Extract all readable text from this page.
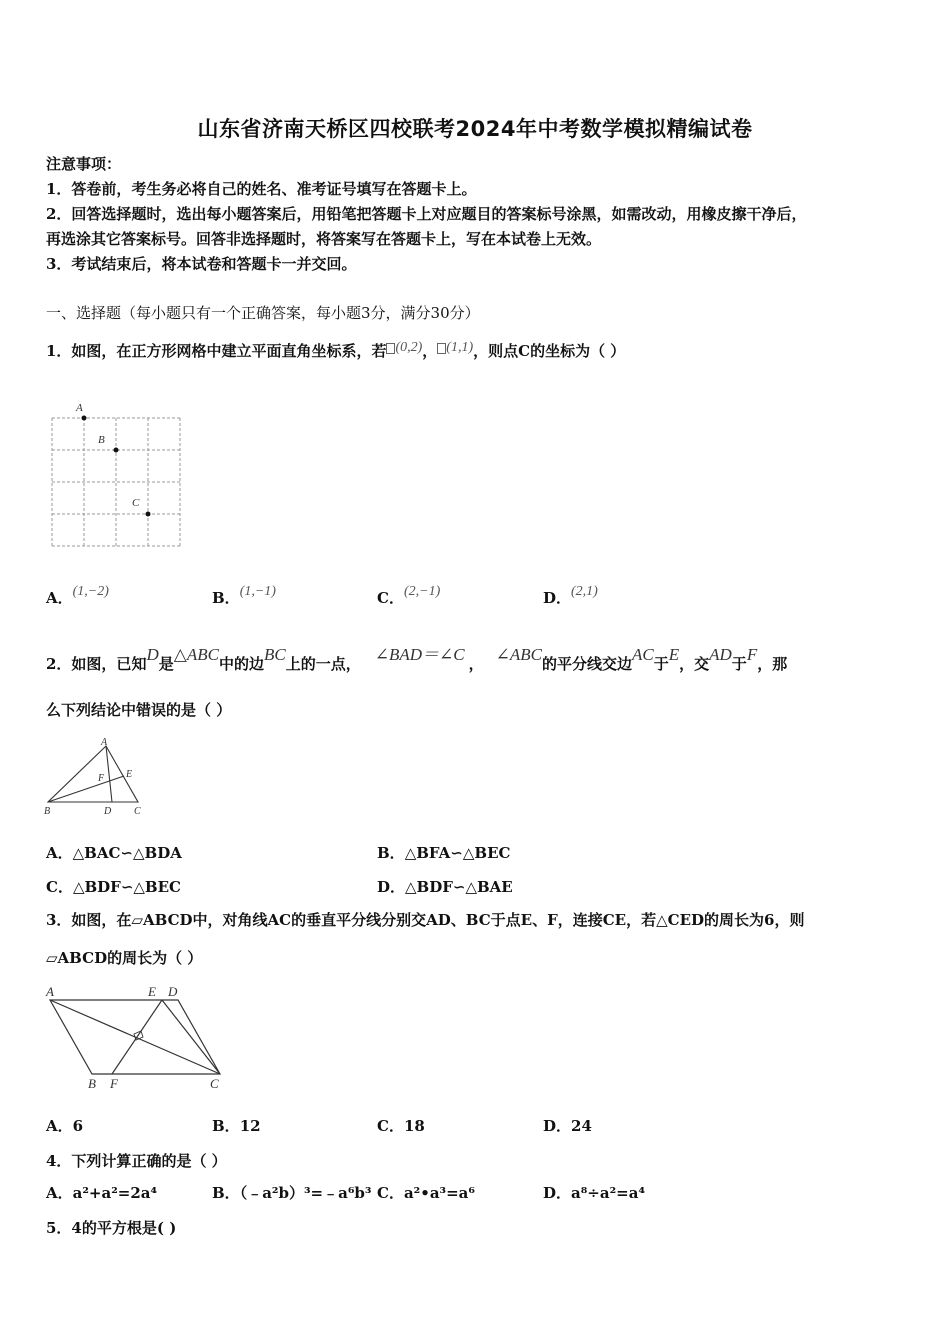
山东省济南天桥区四校联考2024年中考数学模拟精编试卷
注意事项：
1．答卷前，考生务必将自己的姓名、准考证号填写在答题卡上。
2．回答选择题时，选出每小题答案后，用铅笔把答题卡上对应题目的答案标号涂黑，如需改动，用橡皮擦干净后，
再选涂其它答案标号。回答非选择题时，将答案写在答题卡上，写在本试卷上无效。
3．考试结束后，将本试卷和答题卡一并交回。
一、选择题（每小题只有一个正确答案，每小题3分，满分30分）
1．如图，在正方形网格中建立平面直角坐标系，若 (0,2)， (1,1)，则点C的坐标为（ ）
A
B
C
A．(1,−2)	B．(1,−1)	C．(2,−1)	D．(2,1)
2．如图，已知D是△ABC中的边BC上的一点， ∠BAD＝∠C ， ∠ABC的平分线交边AC于E，交AD于F，那
么下列结论中错误的是（ ）
A
B	C
D
E
F
A．△BAC∽△BDA	B．△BFA∽△BEC
C．△BDF∽△BEC	D．△BDF∽△BAE
3．如图，在▱ABCD中，对角线AC的垂直平分线分别交AD、BC于点E、F，连接CE，若△CED的周长为6，则
▱ABCD的周长为（ ）
A	E D
B F	C
A．6	B．12	C．18	D．24
4．下列计算正确的是（ ）
A．a²+a²=2a⁴	B．（﹣a²b）³=﹣a⁶b³ C．a²•a³=a⁶	D．a⁸÷a²=a⁴
5．4的平方根是( )
